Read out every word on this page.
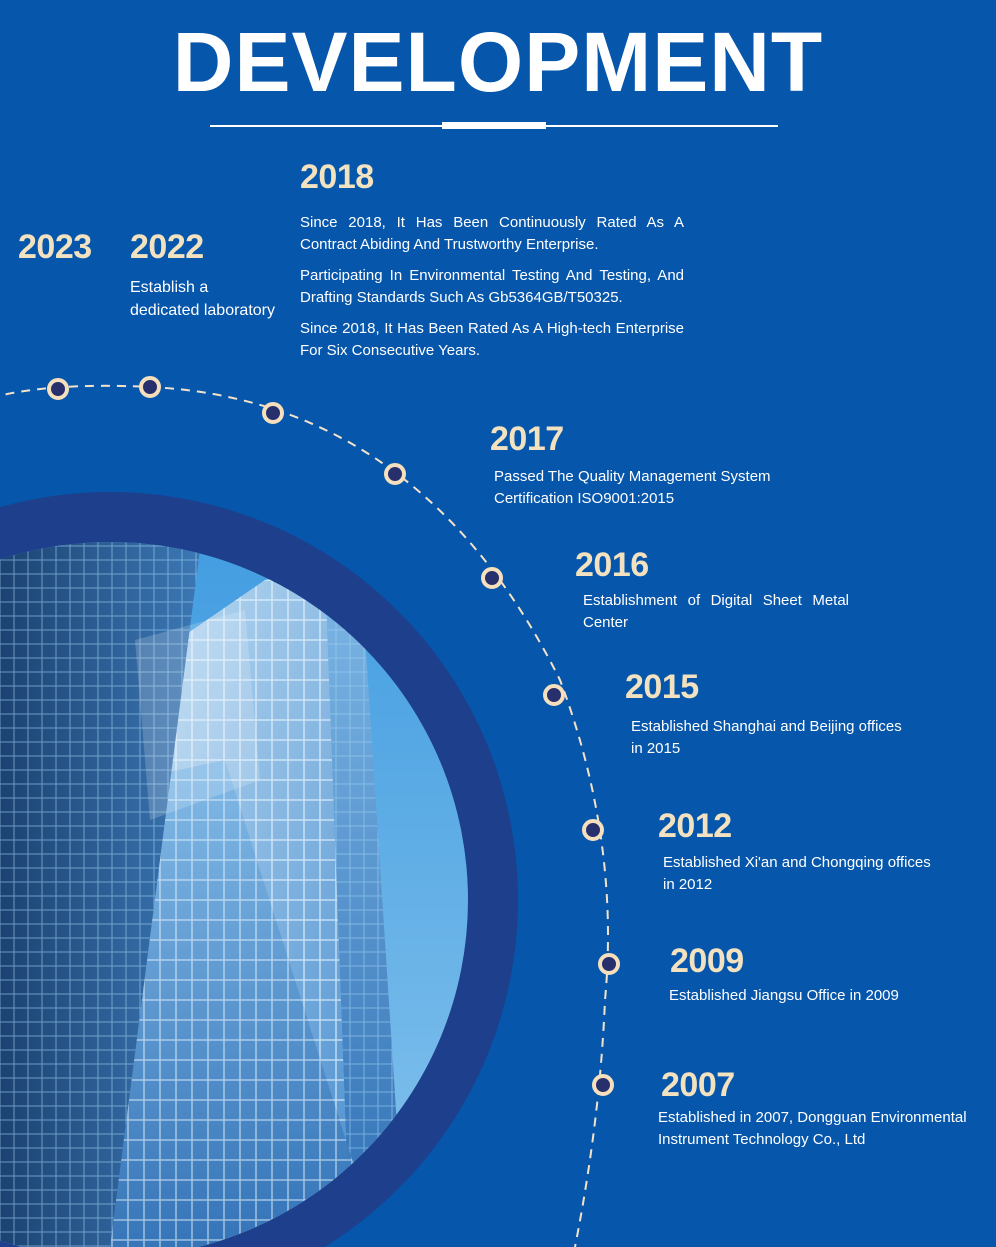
DEVELOPMENT
2023 2022

Establish a dedicated laboratory

2018

Since 2018, It Has Been Continuously Rated As A Contract Abiding And Trustworthy Enterprise.

Participating In Environmental Testing And Testing, And Drafting Standards Such As Gb5364GB/T50325.

Since 2018, It Has Been Rated As A High-tech Enterprise For Six Consecutive Years.

2017

Passed The Quality Management System Certification ISO9001:2015

2016

Establishment of Digital Sheet Metal Center

2015

Established Shanghai and Beijing offices in 2015

2012

Established Xi'an and Chongqing offices in 2012

2009

Established Jiangsu Office in 2009

2007

Established in 2007, Dongguan Environmental Instrument Technology Co., Ltd
